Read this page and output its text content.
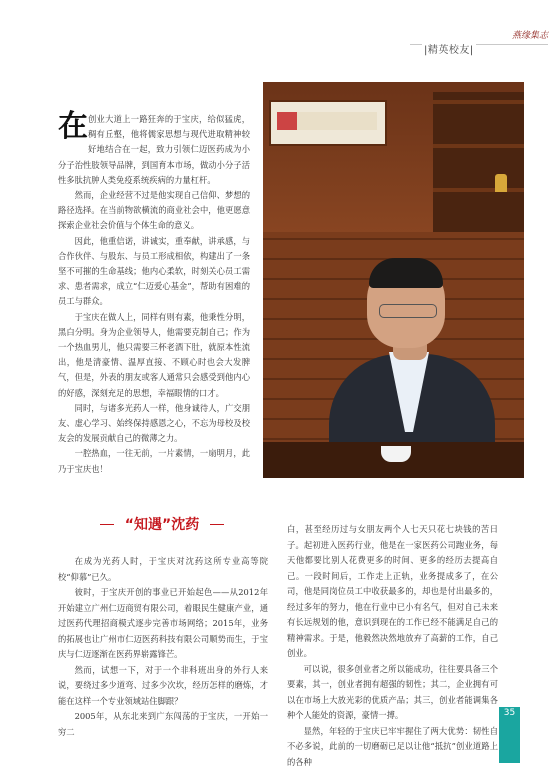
燕缘集志
|精英校友|
在 创业大道上一路狂奔的于宝庆，给似猛虎，稠有丘壑，他将儒家思想与现代进取精神较好地结合在一起，致力引领仁迈医药成为小分子治性肢领导品牌，到国育本市场，做动小分子活性多肽抗肿人类免疫系统疾病的力量杠杆。

然而，企业经营不过是他实现自己信仰、梦想的路径选择。在当前物欲横流的商业社会中，他更愿意探索企业社会价值与个体生命的意义。

因此，他重信诺，讲诚实，重奉献，讲承感，与合作伙伴、与股东、与员工形成相依，构建出了一条坚不可摧的生命基线；他内心柔软，时刻关心员工需求、患者需求，成立“仁迈爱心基金”，帮助有困难的员工与群众。

于宝庆在做人上，同样有则有素，他秉性分明，黑白分明。身为企业领导人，他需要克制自己；作为一个热血男儿，他只需要三杯老酒下肚，就原本性流出，他是清豪情、温厚直接、不顾心时也会大发脾气，但是，外表的朋友或客人通常只会感受到他内心的好感，深刻充足的思想，幸福眼情的口才。

同时，与诸多光药人一样，他身诚待人，广交朋友、虚心学习、始终保持感恩之心，不忘为母校及校友会的发展贡献自己的微薄之力。

一腔热血，一往无前，一片素情，一扇明月，此乃于宝庆也！

“知遇”沈药

在成为光药人时，于宝庆对沈药这所专业高等院校“仰慕”已久。

彼时，于宝庆开创的事业已开始起色——从2012年开始建立广州仁迈商贸有限公司，着眼民生健康产业，通过医药代理招商模式逐步完善市场网络；2015年，业务的拓展也让广州市仁迈医药科技有限公司顺势而生，于宝庆与仁迈逐渐在医药界崭露锋芒。

然而，试想一下，对于一个非科班出身的外行人来说，要绕过多少道弯、过多少次坎，经历怎样的磨炼，才能在这样一个专业领域站住脚跟？

2005年，从东北来到广东闯荡的于宝庆，一开始一穷二

白，甚至经历过与女朋友两个人七天只花七块钱的苦日子。起初进入医药行业，他是在一家医药公司跑业务，每天他都要比别人花费更多的时间、更多的经历去提高自己。一段时间后，工作走上正轨，业务提成多了，在公司，他是同岗位员工中收获最多的，却也是付出最多的，经过多年的努力，他在行业中已小有名气，但对自己未来有长远规划的他，意识到现在的工作已经不能满足自己的精神需求。于是，他毅然决然地放弃了高薪的工作，自己创业。

可以说，很多创业者之所以能成功，往往要具备三个要素，其一，创业者拥有超强的韧性；其二，企业拥有可以在市场上大放光彩的优质产品；其三，创业者能调集各种个人能处的资源，豪情一搏。

显然，年轻的于宝庆已牢牢握住了两大优势：韧性自不必多说，此前的一切磨砺已足以让他“抵抗”创业道路上的各种

35
